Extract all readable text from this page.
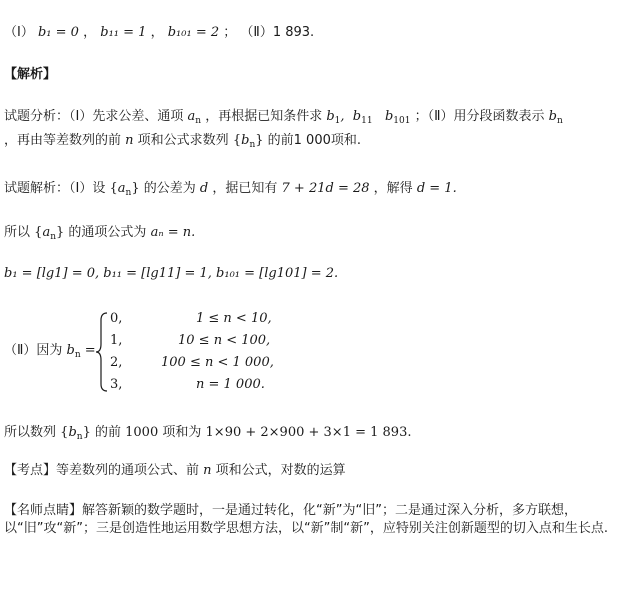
（Ⅰ） b₁ = 0 ， b₁₁ = 1 ， b₁₀₁ = 2 ； （Ⅱ）1 893.
【解析】
试题分析：（Ⅰ）先求公差、通项 $a_n$ ，再根据已知条件求 $b_1$,  $b_{11}$   $b_{101}$ ；（Ⅱ）用分段函数表示 $b_n$
，再由等差数列的前 n 项和公式求数列 $\{b_n\}$ 的前1 000项和.
试题解析：（Ⅰ）设 $\{a_n\}$ 的公差为 d ，据已知有 7 + 21d = 28 ，解得 d = 1.
所以 $\{a_n\}$ 的通项公式为 aₙ = n.
b₁ = [lg1] = 0, b₁₁ = [lg11] = 1, b₁₀₁ = [lg101] = 2.
（Ⅱ）因为 $b_n$ =
0,	1 ≤ n < 10,
1,	10 ≤ n < 100,
2,	100 ≤ n < 1 000,
3,	n = 1 000.
所以数列 $\{b_n\}$ 的前 1000 项和为 1×90 + 2×900 + 3×1 = 1 893.
【考点】等差数列的通项公式、前 n 项和公式，对数的运算
【名师点睛】解答新颖的数学题时，一是通过转化，化“新”为“旧”；二是通过深入分析，多方联想，以“旧”攻“新”；三是创造性地运用数学思想方法，以“新”制“新”，应特别关注创新题型的切入点和生长点.
